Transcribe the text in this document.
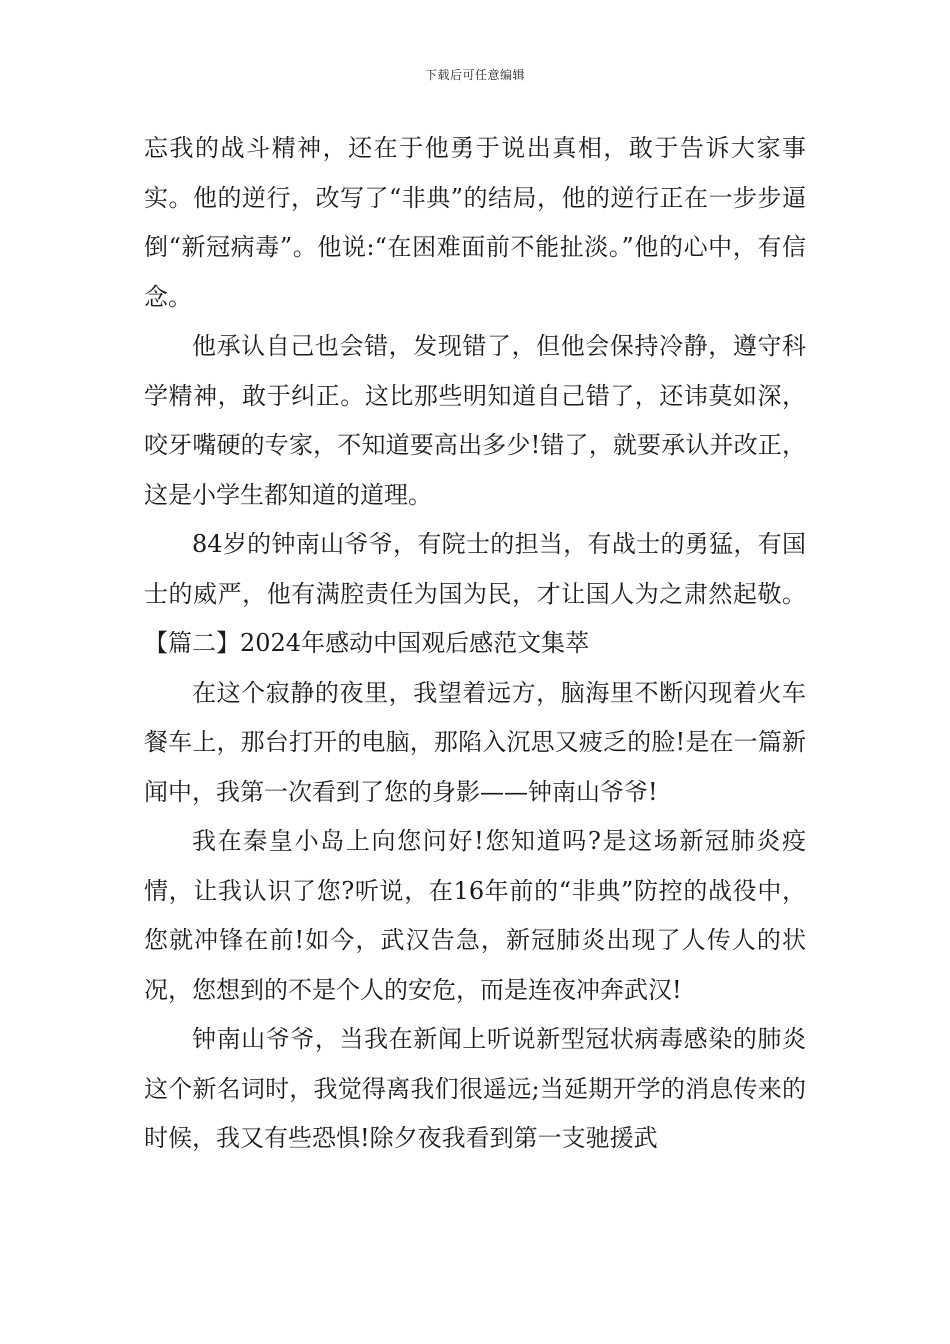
下载后可任意编辑

忘我的战斗精神，还在于他勇于说出真相，敢于告诉大家事实。他的逆行，改写了“非典”的结局，他的逆行正在一步步逼倒“新冠病毒”。他说:“在困难面前不能扯淡。”他的心中，有信念。

他承认自己也会错，发现错了，但他会保持冷静，遵守科学精神，敢于纠正。这比那些明知道自己错了，还讳莫如深，咬牙嘴硬的专家，不知道要高出多少!错了，就要承认并改正，这是小学生都知道的道理。

84岁的钟南山爷爷，有院士的担当，有战士的勇猛，有国士的威严，他有满腔责任为国为民，才让国人为之肃然起敬。【篇二】2024年感动中国观后感范文集萃

在这个寂静的夜里，我望着远方，脑海里不断闪现着火车餐车上，那台打开的电脑，那陷入沉思又疲乏的脸!是在一篇新闻中，我第一次看到了您的身影——钟南山爷爷!

我在秦皇小岛上向您问好!您知道吗?是这场新冠肺炎疫情，让我认识了您?听说，在16年前的“非典”防控的战役中，您就冲锋在前!如今，武汉告急，新冠肺炎出现了人传人的状况，您想到的不是个人的安危，而是连夜冲奔武汉!

钟南山爷爷，当我在新闻上听说新型冠状病毒感染的肺炎这个新名词时，我觉得离我们很遥远;当延期开学的消息传来的时候，我又有些恐惧!除夕夜我看到第一支驰援武
